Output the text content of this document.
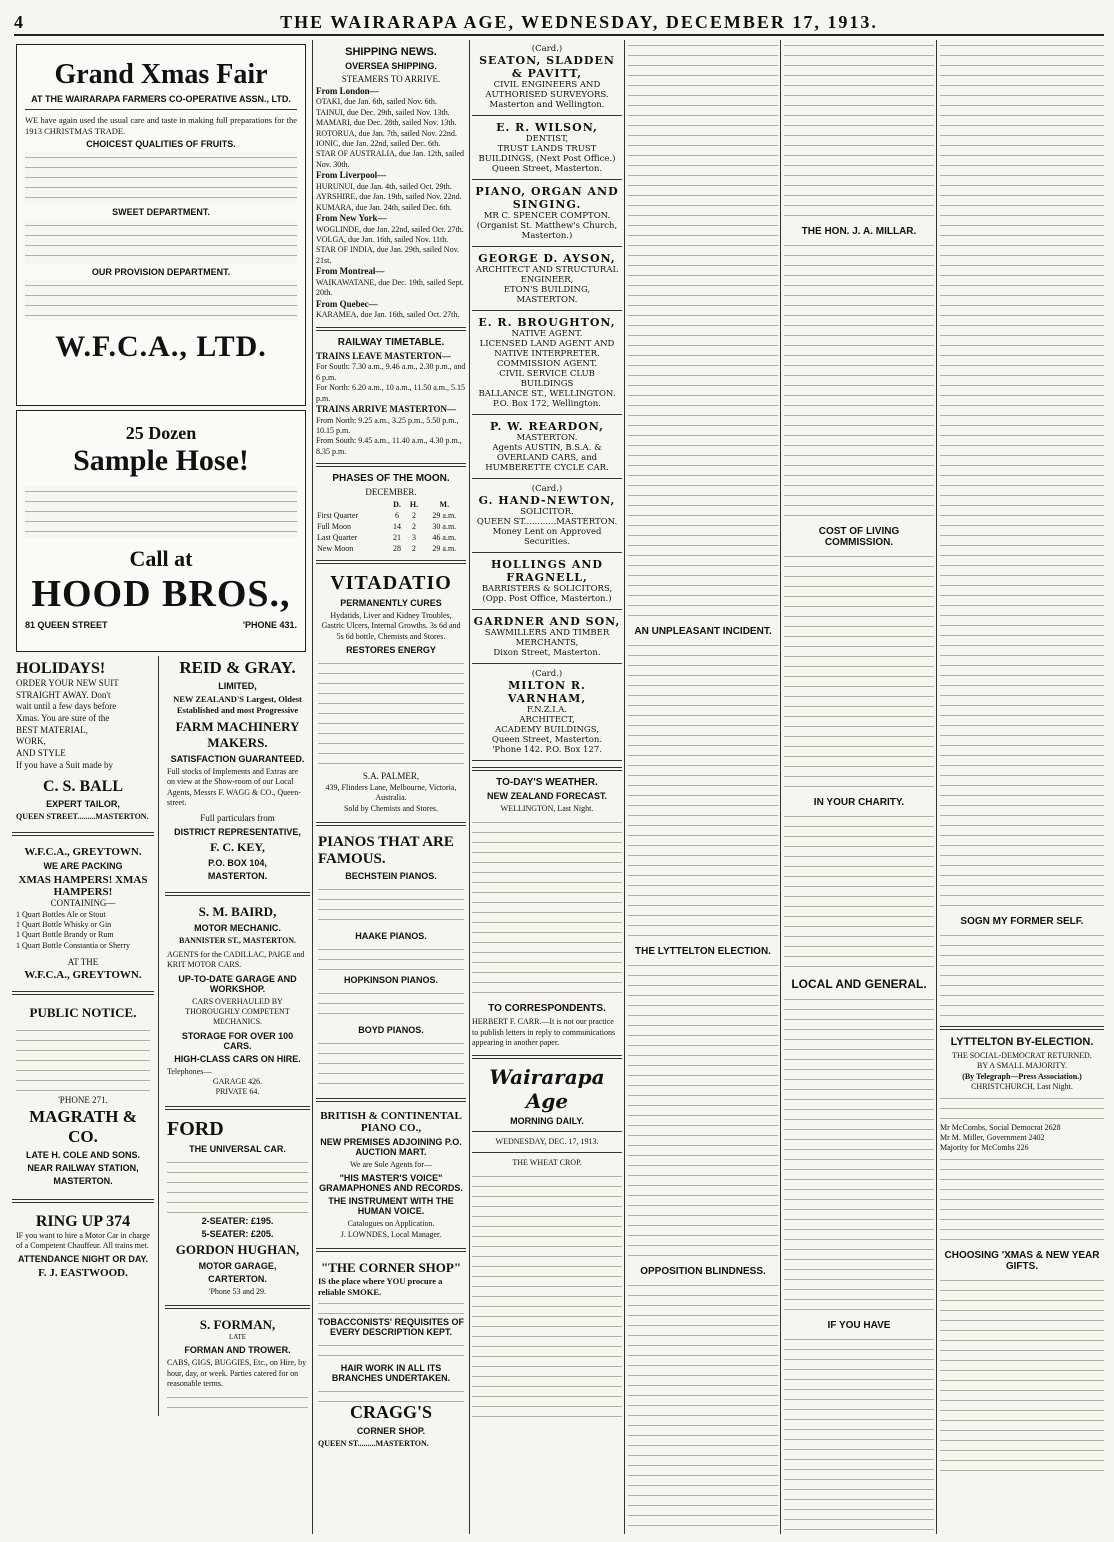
4	THE WAIRARAPA AGE, WEDNESDAY, DECEMBER 17, 1913.
Grand Xmas Fair
AT THE WAIRARAPA FARMERS CO-OPERATIVE ASSN., LTD.
WE have again used the usual care and taste in making full preparations for the 1913 CHRISTMAS TRADE.
CHOICEST QUALITIES OF FRUITS.
SWEET DEPARTMENT.
OUR PROVISION DEPARTMENT.
W.F.C.A., LTD.
25 Dozen
Sample Hose!
Call at
HOOD BROS.,
81 QUEEN STREET	'PHONE 431.
HOLIDAYS!
ORDER YOUR NEW SUIT
STRAIGHT AWAY. Don't
wait until a few days before
Xmas. You are sure of the
BEST MATERIAL,
WORK,
AND STYLE
If you have a Suit made by
C. S. BALL
EXPERT TAILOR,
QUEEN STREET.........MASTERTON.
W.F.C.A., GREYTOWN.
WE ARE PACKING
XMAS HAMPERS! XMAS HAMPERS!
CONTAINING—
1 Quart Bottles Ale or Stout
1 Quart Bottle Whisky or Gin
1 Quart Bottle Brandy or Rum
1 Quart Bottle Constantia or Sherry
AT THE
W.F.C.A., GREYTOWN.
PUBLIC NOTICE.
'PHONE 271.
MAGRATH & CO.
LATE H. COLE AND SONS.
NEAR RAILWAY STATION,
MASTERTON.
RING UP 374
IF you want to hire a Motor Car in charge of a Competent Chauffeur. All trains met.
ATTENDANCE NIGHT OR DAY.
F. J. EASTWOOD.
REID & GRAY.
LIMITED,
NEW ZEALAND'S Largest, Oldest Established and most Progressive
FARM MACHINERY MAKERS.
SATISFACTION GUARANTEED.
Full stocks of Implements and Extras are on view at the Show-room of our Local Agents, Messrs F. WAGG & CO., Queen-street.
Full particulars from
DISTRICT REPRESENTATIVE,
F. C. KEY,
P.O. BOX 104,
MASTERTON.
S. M. BAIRD,
MOTOR MECHANIC.
BANNISTER ST., MASTERTON.
AGENTS for the CADILLAC, PAIGE and KRIT MOTOR CARS.
UP-TO-DATE GARAGE AND WORKSHOP.
CARS OVERHAULED BY THOROUGHLY COMPETENT MECHANICS.
STORAGE FOR OVER 100 CARS.
HIGH-CLASS CARS ON HIRE.
Telephones—
GARAGE 426.
PRIVATE 64.
FORD
THE UNIVERSAL CAR.
2-SEATER: £195.
5-SEATER: £205.
GORDON HUGHAN,
MOTOR GARAGE,
CARTERTON.
'Phone 53 and 29.
S. FORMAN,
LATE
FORMAN AND TROWER.
CABS, GIGS, BUGGIES, Etc., on Hire, by hour, day, or week. Parties catered for on reasonable terms.
SHIPPING NEWS.
OVERSEA SHIPPING.
STEAMERS TO ARRIVE.
From London—
OTAKI, due Jan. 6th, sailed Nov. 6th.
TAINUI, due Dec. 29th, sailed Nov. 13th.
MAMARI, due Dec. 28th, sailed Nov. 13th.
ROTORUA, due Jan. 7th, sailed Nov. 22nd.
IONIC, due Jan. 22nd, sailed Dec. 6th.
STAR OF AUSTRALIA, due Jan. 12th, sailed Nov. 30th.
From Liverpool—
HURUNUI, due Jan. 4th, sailed Oct. 29th.
AYRSHIRE, due Jan. 19th, sailed Nov. 22nd.
KUMARA, due Jan. 24th, sailed Dec. 6th.
From New York—
WOGLINDE, due Jan. 22nd, sailed Oct. 27th.
VOLGA, due Jan. 16th, sailed Nov. 11th.
STAR OF INDIA, due Jan. 29th, sailed Nov. 21st.
From Montreal—
WAIKAWATANE, due Dec. 19th, sailed Sept. 20th.
From Quebec—
KARAMEA, due Jan. 16th, sailed Oct. 27th.
RAILWAY TIMETABLE.
TRAINS LEAVE MASTERTON—
For South: 7.30 a.m., 9.46 a.m., 2.30 p.m., and 6 p.m.
For North: 6.20 a.m., 10 a.m., 11.50 a.m., 5.15 p.m.
TRAINS ARRIVE MASTERTON—
From North: 9.25 a.m., 3.25 p.m., 5.50 p.m., 10.15 p.m.
From South: 9.45 a.m., 11.40 a.m., 4.30 p.m., 8.35 p.m.
PHASES OF THE MOON.
DECEMBER.
	D.	H.	M.
First Quarter	6	2	29 a.m.
Full Moon	14	2	30 a.m.
Last Quarter	21	3	46 a.m.
New Moon	28	2	29 a.m.
VITADATIO
PERMANENTLY CURES
Hydatids, Liver and Kidney Troubles, Gastric Ulcers, Internal Growths. 3s 6d and 5s 6d bottle, Chemists and Stores.
RESTORES ENERGY
S.A. PALMER,
439, Flinders Lane, Melbourne, Victoria, Australia.
Sold by Chemists and Stores.
PIANOS THAT ARE FAMOUS.
BECHSTEIN PIANOS.
HAAKE PIANOS.
HOPKINSON PIANOS.
BOYD PIANOS.
BRITISH & CONTINENTAL PIANO CO.,
NEW PREMISES ADJOINING P.O. AUCTION MART.
We are Sole Agents for—
"HIS MASTER'S VOICE" GRAMAPHONES AND RECORDS.
THE INSTRUMENT WITH THE HUMAN VOICE.
Catalogues on Application.
J. LOWNDES, Local Manager.
"THE CORNER SHOP"
IS the place where YOU procure a reliable SMOKE.
TOBACCONISTS' REQUISITES OF EVERY DESCRIPTION KEPT.
HAIR WORK IN ALL ITS BRANCHES UNDERTAKEN.
CRAGG'S
CORNER SHOP.
QUEEN ST.........MASTERTON.
(Card.)
SEATON, SLADDEN & PAVITT,
CIVIL ENGINEERS AND AUTHORISED SURVEYORS.
Masterton and Wellington.
E. R. WILSON,
DENTIST,
TRUST LANDS TRUST BUILDINGS, (Next Post Office.)
Queen Street, Masterton.
PIANO, ORGAN AND SINGING.
MR C. SPENCER COMPTON.
(Organist St. Matthew's Church, Masterton.)
GEORGE D. AYSON,
ARCHITECT AND STRUCTURAL ENGINEER,
ETON'S BUILDING, MASTERTON.
E. R. BROUGHTON,
NATIVE AGENT.
LICENSED LAND AGENT AND NATIVE INTERPRETER.
COMMISSION AGENT.
CIVIL SERVICE CLUB BUILDINGS
BALLANCE ST., WELLINGTON.
P.O. Box 172, Wellington.
P. W. REARDON,
MASTERTON.
Agents AUSTIN, B.S.A. & OVERLAND CARS, and HUMBERETTE CYCLE CAR.
(Card.)
G. HAND-NEWTON,
SOLICITOR.
QUEEN ST............MASTERTON.
Money Lent on Approved Securities.
HOLLINGS AND FRAGNELL,
BARRISTERS & SOLICITORS,
(Opp. Post Office, Masterton.)
GARDNER AND SON,
SAWMILLERS AND TIMBER MERCHANTS,
Dixon Street, Masterton.
(Card.)
MILTON R. VARNHAM,
F.N.Z.I.A.
ARCHITECT,
ACADEMY BUILDINGS,
Queen Street, Masterton.
'Phone 142. P.O. Box 127.
TO-DAY'S WEATHER.
NEW ZEALAND FORECAST.
WELLINGTON, Last Night.
TO CORRESPONDENTS.
HERBERT F. CARR.—It is not our practice to publish letters in reply to communications appearing in another paper.
Wairarapa Age
MORNING DAILY.
WEDNESDAY, DEC. 17, 1913.
THE WHEAT CROP.
AN UNPLEASANT INCIDENT.
THE LYTTELTON ELECTION.
OPPOSITION BLINDNESS.
THE HON. J. A. MILLAR.
COST OF LIVING COMMISSION.
IN YOUR CHARITY.
LOCAL AND GENERAL.
IF YOU HAVE
SOGN MY FORMER SELF.
LYTTELTON BY-ELECTION.
THE SOCIAL-DEMOCRAT RETURNED.
BY A SMALL MAJORITY.
(By Telegraph—Press Association.)
CHRISTCHURCH, Last Night.
Mr McCombs, Social Democrat 2628
Mr M. Miller, Government 2402
Majority for McCombs 226
CHOOSING 'XMAS & NEW YEAR GIFTS.
